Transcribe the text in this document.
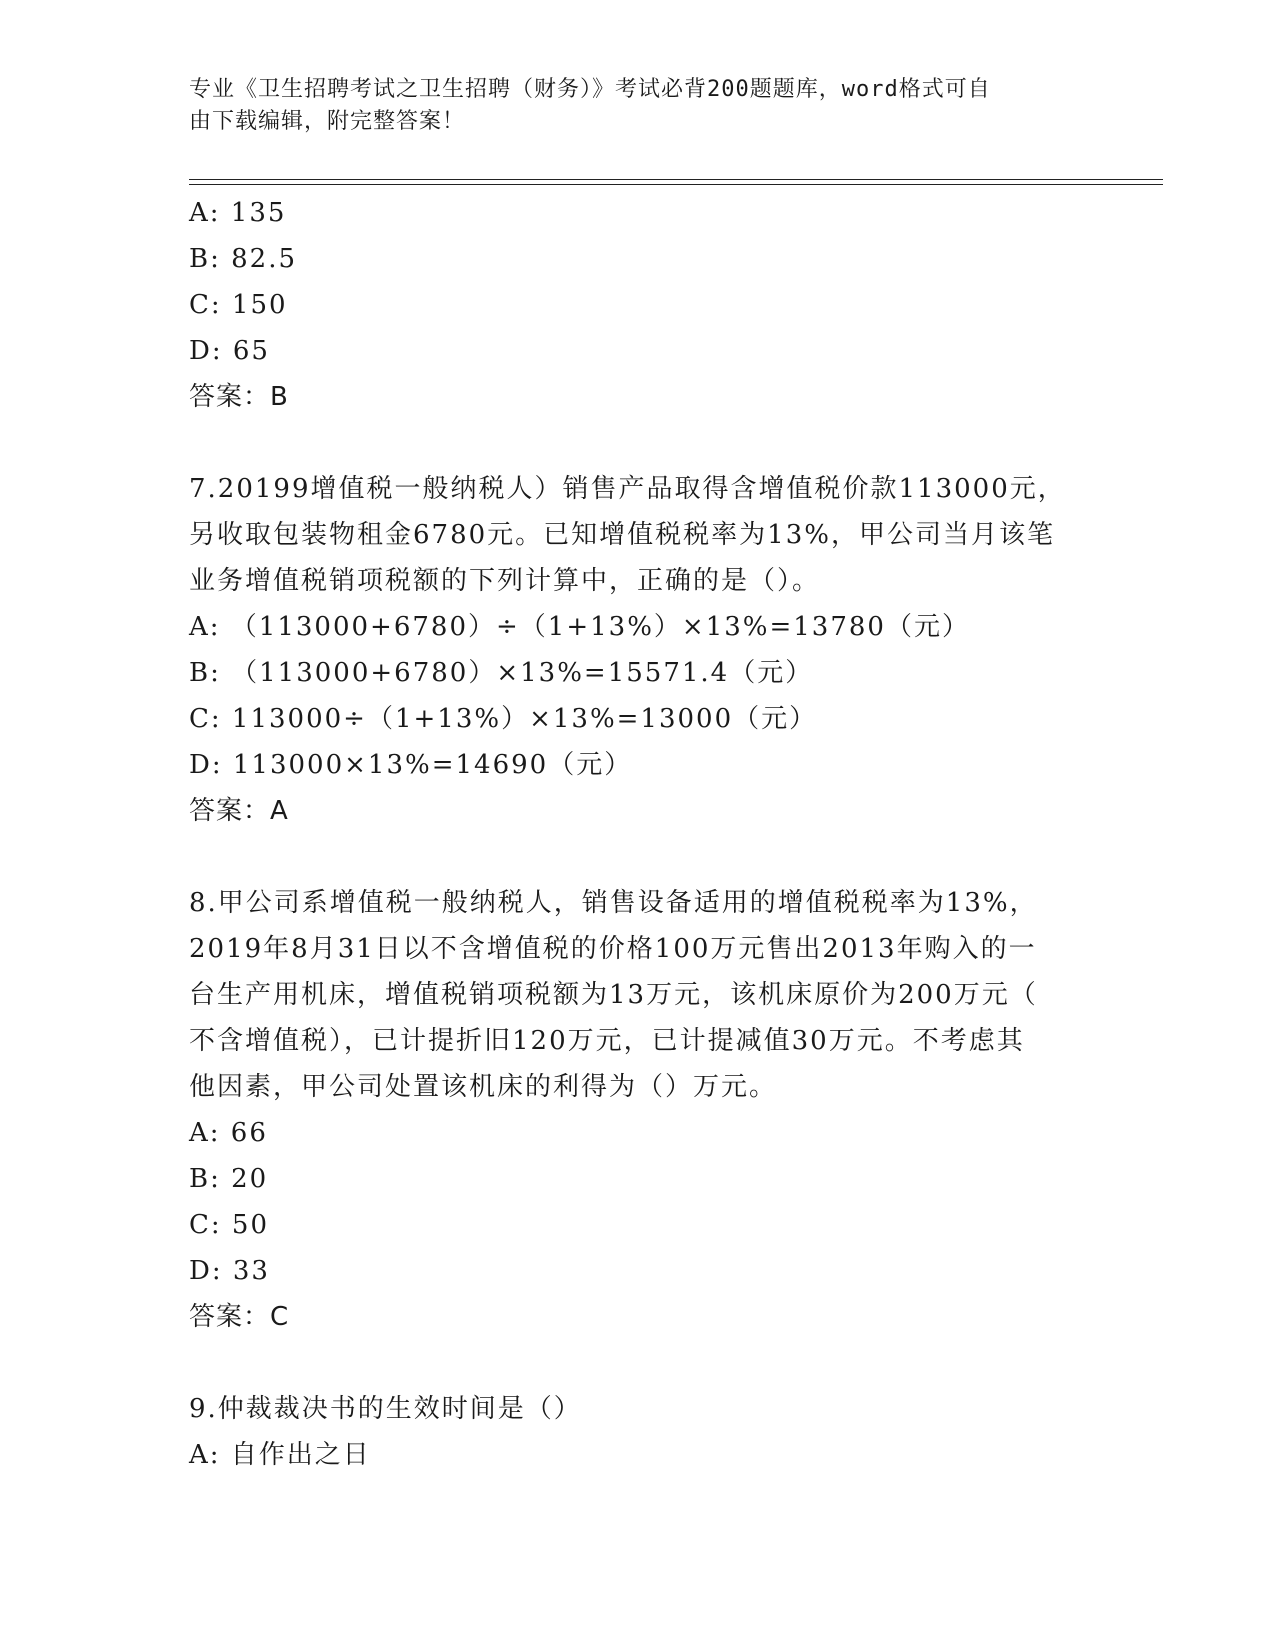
专业《卫生招聘考试之卫生招聘（财务）》考试必背200题题库，word格式可自
由下载编辑，附完整答案！
A: 135
B: 82.5
C: 150
D: 65
答案：B
7.20199增值税一般纳税人）销售产品取得含增值税价款113000元，
另收取包装物租金6780元。已知增值税税率为13%，甲公司当月该笔
业务增值税销项税额的下列计算中，正确的是（）。
A: （113000+6780）÷（1+13%）×13%=13780（元）
B: （113000+6780）×13%=15571.4（元）
C: 113000÷（1+13%）×13%=13000（元）
D: 113000×13%=14690（元）
答案：A
8.甲公司系增值税一般纳税人，销售设备适用的增值税税率为13%，
2019年8月31日以不含增值税的价格100万元售出2013年购入的一
台生产用机床，增值税销项税额为13万元，该机床原价为200万元（
不含增值税），已计提折旧120万元，已计提减值30万元。不考虑其
他因素，甲公司处置该机床的利得为（）万元。
A: 66
B: 20
C: 50
D: 33
答案：C
9.仲裁裁决书的生效时间是（）
A: 自作出之日
